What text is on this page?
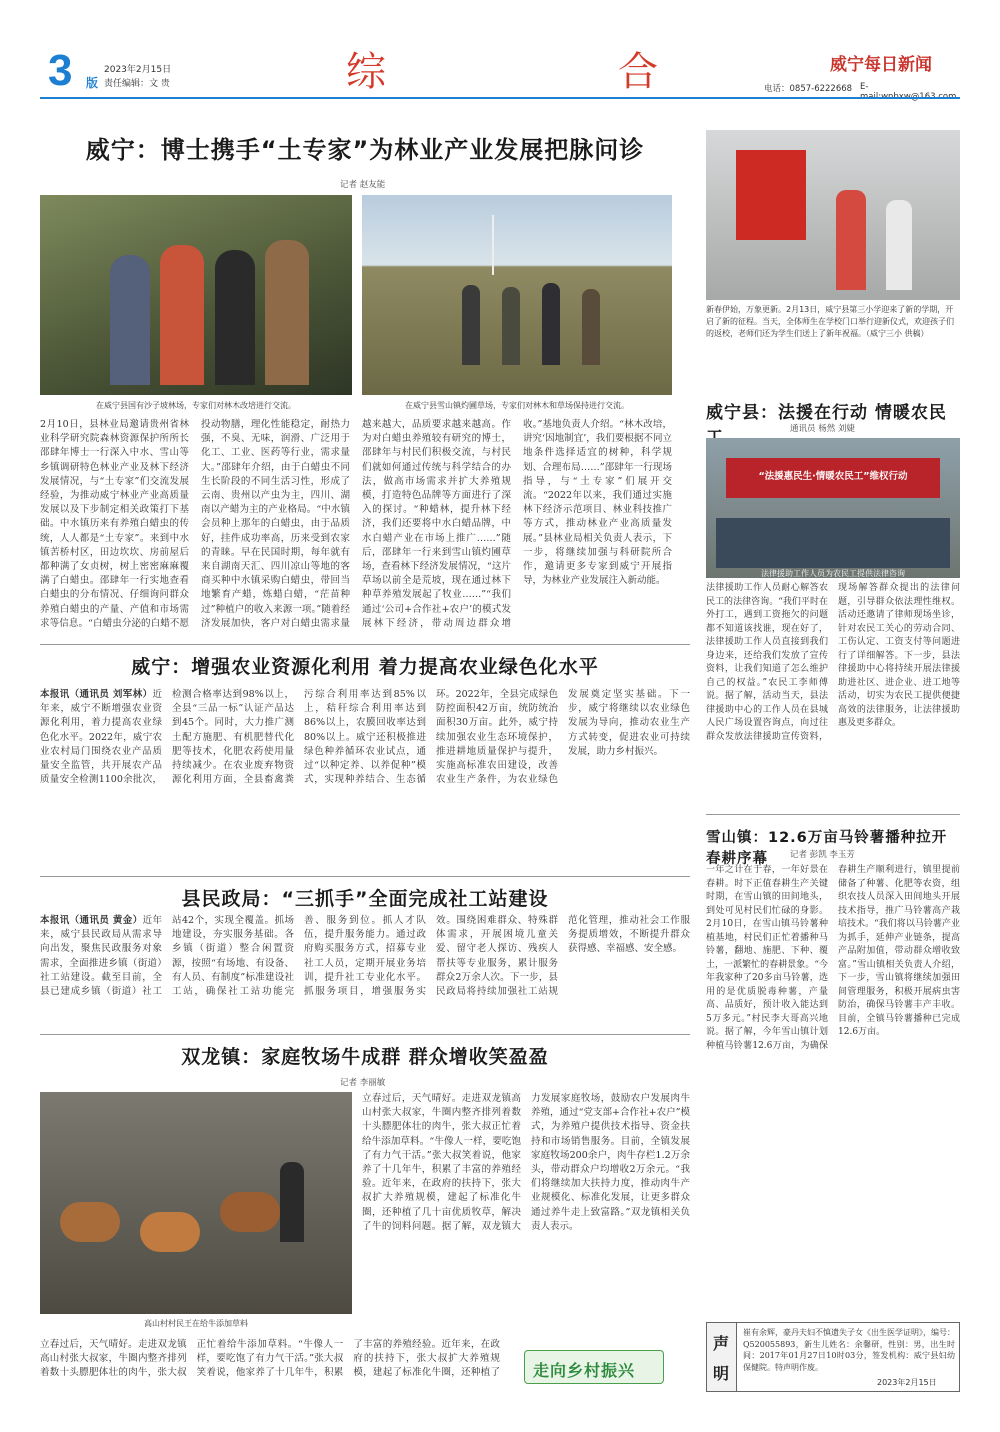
3 版
2023年2月15日
责任编辑：文 贵	综	合	威宁每日新闻
电话：0857-6222668 E-mail:wnbxw@163.com
威宁：博士携手“土专家”为林业产业发展把脉问诊
记者 赵友能
在威宁县国有沙子坡林场，专家们对林木改培进行交流。	在威宁县雪山镇灼圃草场，专家们对林木和草场保持进行交流。
2月10日，县林业局邀请贵州省林业科学研究院森林资源保护所所长邵肆年博士一行深入中水、雪山等乡镇调研特色林业产业及林下经济发展情况，与“土专家”们交流发展经验，为推动威宁林业产业高质量发展以及下步制定相关政策打下基础。中水镇历来有养殖白蜡虫的传统，人人都是“土专家”。来到中水镇苦桥村区，田边坎坎、房前屋后都种满了女贞树，树上密密麻麻覆满了白蜡虫。邵肆年一行实地查看白蜡虫的分布情况、仔细询问群众养殖白蜡虫的产量、产值和市场需求等信息。“白蜡虫分泌的白蜡不愿投动物膳，理化性能稳定，耐热力强，不臭、无味，润滑、广泛用于化工、工业、医药等行业，需求量大。”邵肆年介绍，由于白蜡虫不同生长阶段的不同生活习性，形成了云南、贵州以产虫为主，四川、湖南以产蜡为主的产业格局。“中水镇会员种上那年的白蜡虫，由于品质好，挂件成功率高，历来受到农家的青睐。早在民国时期，每年就有来自湖南天汇、四川凉山等地的客商买种中水镇采购白蜡虫，带回当地繁育产蜡，炼蜡白蜡，“茫苗种过”种植户的收入来源一项。”随着经济发展加快，客户对白蜡虫需求量越来越大，品质要求越来越高。作为对白蜡虫养殖较有研究的博士，邵肆年与村民们积极交流，与村民们就如何通过传统与科学结合的办法，做高市场需求并扩大养殖规模，打造特色品牌等方面进行了深入的探讨。“种蜡林，提升林下经济，我们还要将中水白蜡品牌，中水白蜡产业在市场上推广……”随后，邵肆年一行来到雪山镇灼圃草场，查看林下经济发展情况，“这片草场以前全是荒坡，现在通过林下种草养殖发展起了牧业……”“我们通过‘公司+合作社+农户’的模式发展林下经济，带动周边群众增收。”基地负责人介绍。“林木改培，讲究‘因地制宜’，我们要根据不同立地条件选择适宜的树种，科学规划、合理布局……”邵肆年一行现场指导，与“土专家”们展开交流。“2022年以来，我们通过实施林下经济示范项目、林业科技推广等方式，推动林业产业高质量发展。”县林业局相关负责人表示，下一步，将继续加强与科研院所合作，邀请更多专家到威宁开展指导，为林业产业发展注入新动能。
新春伊始，万象更新。2月13日，威宁县第三小学迎来了新的学期，开启了新的征程。当天，全体师生在学校门口举行迎新仪式，欢迎孩子们的返校，老师们还为学生们送上了新年祝福。（威宁三小 供稿）
威宁县：法援在行动 情暖农民
通讯员 杨然 刘婕
“法援惠民生·情暖农民工”维权行动
法律援助工作人员为农民工提供法律咨询
法律援助工作人员耐心解答农民工的法律咨询。“我们平时在外打工，遇到工资拖欠的问题都不知道该找谁，现在好了，法律援助工作人员直接到我们身边来，还给我们发放了宣传资料，让我们知道了怎么维护自己的权益。”农民工李师傅说。据了解，活动当天，县法律援助中心的工作人员在县城人民广场设置咨询点，向过往群众发放法律援助宣传资料，现场解答群众提出的法律问题，引导群众依法理性维权。活动还邀请了律师现场坐诊，针对农民工关心的劳动合同、工伤认定、工资支付等问题进行了详细解答。下一步，县法律援助中心将持续开展法律援助进社区、进企业、进工地等活动，切实为农民工提供便捷高效的法律服务，让法律援助惠及更多群众。
威宁：增强农业资源化利用 着力提高农业绿色化水平
本报讯（通讯员 刘军林）近年来，威宁不断增强农业资源化利用，着力提高农业绿色化水平。2022年，威宁农业农村局门围绕农业产品质量安全监管，共开展农产品质量安全检测1100余批次，检测合格率达到98%以上，全县“三品一标”认证产品达到45个。同时，大力推广测土配方施肥、有机肥替代化肥等技术，化肥农药使用量持续减少。在农业废弃物资源化利用方面，全县畜禽粪污综合利用率达到85%以上，秸秆综合利用率达到86%以上，农膜回收率达到80%以上。威宁还积极推进绿色种养循环农业试点，通过“以种定养、以养促种”模式，实现种养结合、生态循环。2022年，全县完成绿色防控面积42万亩，统防统治面积30万亩。此外，威宁持续加强农业生态环境保护，推进耕地质量保护与提升，实施高标准农田建设，改善农业生产条件，为农业绿色发展奠定坚实基础。下一步，威宁将继续以农业绿色发展为导向，推动农业生产方式转变，促进农业可持续发展，助力乡村振兴。
县民政局：“三抓手”全面完成社工站建设
本报讯（通讯员 黄金）近年来，威宁县民政局从需求导向出发，聚焦民政服务对象需求，全面推进乡镇（街道）社工站建设。截至目前，全县已建成乡镇（街道）社工站42个，实现全覆盖。抓场地建设，夯实服务基础。各乡镇（街道）整合闲置资源，按照“有场地、有设备、有人员、有制度”标准建设社工站，确保社工站功能完善、服务到位。抓人才队伍，提升服务能力。通过政府购买服务方式，招募专业社工人员，定期开展业务培训，提升社工专业化水平。抓服务项目，增强服务实效。围绕困难群众、特殊群体需求，开展困境儿童关爱、留守老人探访、残疾人帮扶等专业服务，累计服务群众2万余人次。下一步，县民政局将持续加强社工站规范化管理，推动社会工作服务提质增效，不断提升群众获得感、幸福感、安全感。
双龙镇：家庭牧场牛成群 群众增收笑盈盈
记者 李丽敏
高山村村民王在给牛添加草料
立春过后，天气晴好。走进双龙镇高山村张大叔家，牛圈内整齐排列着数十头膘肥体壮的肉牛，张大叔正忙着给牛添加草料。“牛像人一样，要吃饱了有力气干活。”张大叔笑着说，他家养了十几年牛，积累了丰富的养殖经验。近年来，在政府的扶持下，张大叔扩大养殖规模，建起了标准化牛圈，还种植了几十亩优质牧草，解决了牛的饲料问题。据了解，双龙镇大力发展家庭牧场，鼓励农户发展肉牛养殖，通过“党支部+合作社+农户”模式，为养殖户提供技术指导、资金扶持和市场销售服务。目前，全镇发展家庭牧场200余户，肉牛存栏1.2万余头，带动群众户均增收2万余元。“我们将继续加大扶持力度，推动肉牛产业规模化、标准化发展，让更多群众通过养牛走上致富路。”双龙镇相关负责人表示。
走向乡村振兴
立春过后，天气晴好。走进双龙镇高山村张大叔家，牛圈内整齐排列着数十头膘肥体壮的肉牛，张大叔正忙着给牛添加草料。“牛像人一样，要吃饱了有力气干活。”张大叔笑着说，他家养了十几年牛，积累了丰富的养殖经验。近年来，在政府的扶持下，张大叔扩大养殖规模，建起了标准化牛圈，还种植了
雪山镇：12.6万亩马铃薯播种拉开春耕序幕	记者 彭凯 李玉芳
一年之计在于春，一年好景在春耕。时下正值春耕生产关键时期，在雪山镇的田间地头，到处可见村民们忙碌的身影。2月10日，在雪山镇马铃薯种植基地，村民们正忙着播种马铃薯，翻地、施肥、下种、覆土，一派繁忙的春耕景象。“今年我家种了20多亩马铃薯，选用的是优质脱毒种薯，产量高、品质好，预计收入能达到5万多元。”村民李大哥高兴地说。据了解，今年雪山镇计划种植马铃薯12.6万亩，为确保春耕生产顺利进行，镇里提前储备了种薯、化肥等农资，组织农技人员深入田间地头开展技术指导，推广马铃薯高产栽培技术。“我们将以马铃薯产业为抓手，延伸产业链条，提高产品附加值，带动群众增收致富。”雪山镇相关负责人介绍，下一步，雪山镇将继续加强田间管理服务，积极开展病虫害防治，确保马铃薯丰产丰收。目前，全镇马铃薯播种已完成12.6万亩。
声
明
崔有余辉，豪丹夫妇不慎遗失子女《出生医学证明》，编号：Q520055893，新生儿姓名：余馨研，性别：男，出生时间：2017年01月27日10时03分，签发机构：威宁县妇幼保健院。特声明作废。
2023年2月15日
